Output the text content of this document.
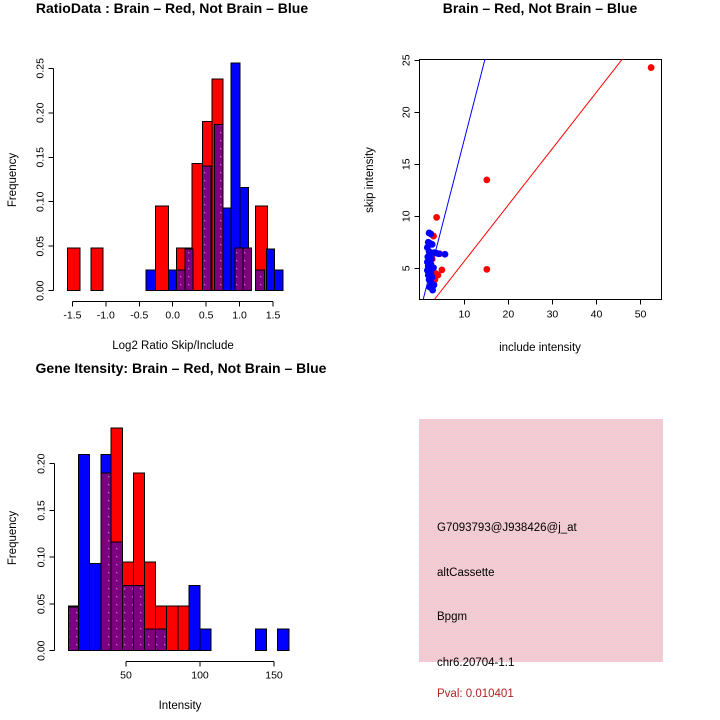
RatioData : Brain – Red, Not Brain – Blue
Log2 Ratio Skip/Include
Frequency
0.00
0.05
0.10
0.15
0.20
0.25
-1.5 -1.0 -0.5 0.0 0.5 1.0 1.5
Brain – Red, Not Brain – Blue
include intensity
skip intensity
10	20	30	40	50
5
10
15
20
25
Gene Itensity: Brain – Red, Not Brain – Blue
Intensity
Frequency
0.00
0.05
0.10
0.15
0.20
50	100	150
G7093793@J938426@j_at
altCassette
Bpgm
chr6.20704-1.1
Pval: 0.010401
